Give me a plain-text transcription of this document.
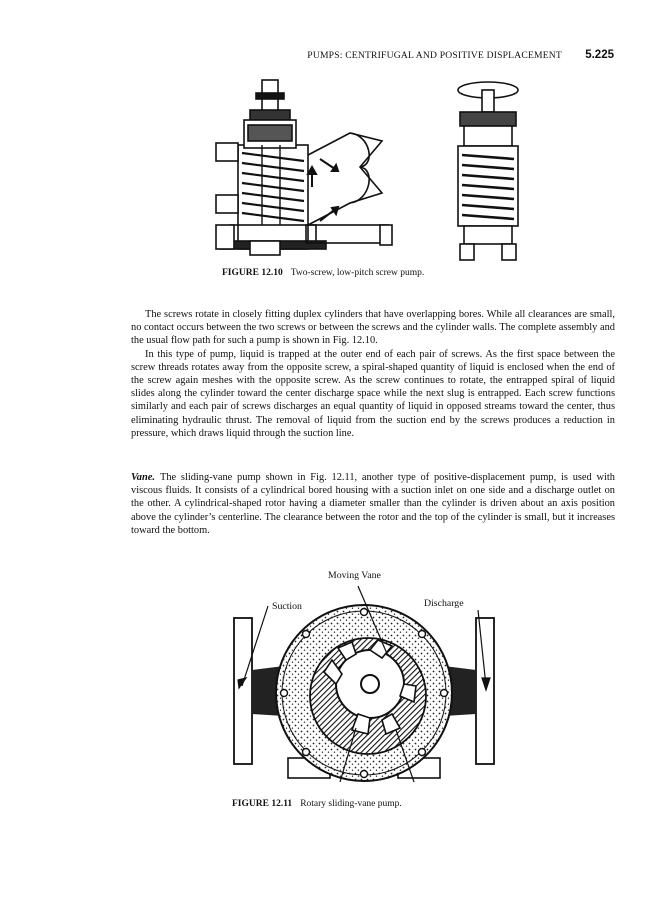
PUMPS: CENTRIFUGAL AND POSITIVE DISPLACEMENT 5.225
FIGURE 12.10 Two-screw, low-pitch screw pump.

The screws rotate in closely fitting duplex cylinders that have overlapping bores. While all clearances are small, no contact occurs between the two screws or between the screws and the cylinder walls. The complete assembly and the usual flow path for such a pump is shown in Fig. 12.10.

In this type of pump, liquid is trapped at the outer end of each pair of screws. As the first space between the screw threads rotates away from the opposite screw, a spiral-shaped quantity of liquid is enclosed when the end of the screw again meshes with the opposite screw. As the screw continues to rotate, the entrapped spiral of liquid slides along the cylinder toward the center discharge space while the next slug is entrapped. Each screw functions similarly and each pair of screws discharges an equal quantity of liquid in opposed streams toward the center, thus eliminating hydraulic thrust. The removal of liquid from the suction end by the screws produces a reduction in pressure, which draws liquid through the suction line.

Vane. The sliding-vane pump shown in Fig. 12.11, another type of positive-displacement pump, is used with viscous fluids. It consists of a cylindrical bored housing with a suction inlet on one side and a discharge outlet on the other. A cylindrical-shaped rotor having a diameter smaller than the cylinder is driven about an axis position above the cylinder’s centerline. The clearance between the rotor and the top of the cylinder is small, but it increases toward the bottom.

Moving Vane
Suction	Discharge
FIGURE 12.11 Rotary sliding-vane pump.
